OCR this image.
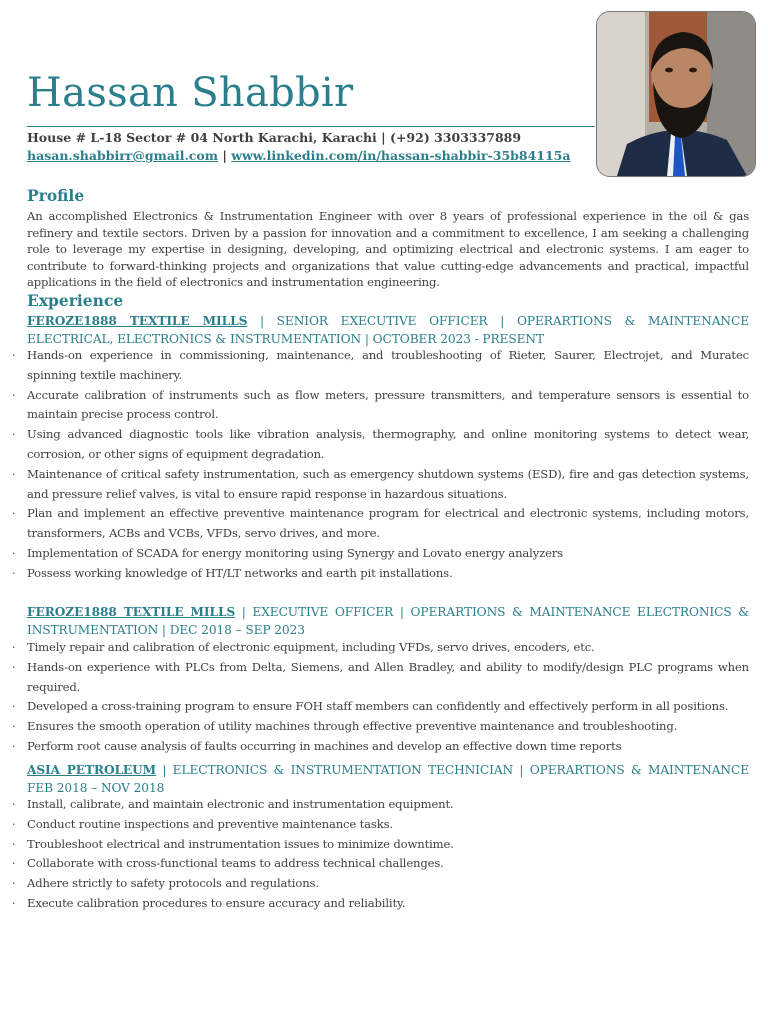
Hassan Shabbir
House # L-18 Sector # 04 North Karachi, Karachi | (+92) 3303337889
hasan.shabbirr@gmail.com | www.linkedin.com/in/hassan-shabbir-35b84115a
Profile
An accomplished Electronics & Instrumentation Engineer with over 8 years of professional experience in the oil & gas refinery and textile sectors. Driven by a passion for innovation and a commitment to excellence, I am seeking a challenging role to leverage my expertise in designing, developing, and optimizing electrical and electronic systems. I am eager to contribute to forward-thinking projects and organizations that value cutting-edge advancements and practical, impactful applications in the field of electronics and instrumentation engineering.
Experience
FEROZE1888 TEXTILE MILLS | SENIOR EXECUTIVE OFFICER | OPERARTIONS & MAINTENANCE ELECTRICAL, ELECTRONICS & INSTRUMENTATION | OCTOBER 2023 - PRESENT
· Hands-on experience in commissioning, maintenance, and troubleshooting of Rieter, Saurer, Electrojet, and Muratec spinning textile machinery.
· Accurate calibration of instruments such as flow meters, pressure transmitters, and temperature sensors is essential to maintain precise process control.
· Using advanced diagnostic tools like vibration analysis, thermography, and online monitoring systems to detect wear, corrosion, or other signs of equipment degradation.
· Maintenance of critical safety instrumentation, such as emergency shutdown systems (ESD), fire and gas detection systems, and pressure relief valves, is vital to ensure rapid response in hazardous situations.
· Plan and implement an effective preventive maintenance program for electrical and electronic systems, including motors, transformers, ACBs and VCBs, VFDs, servo drives, and more.
· Implementation of SCADA for energy monitoring using Synergy and Lovato energy analyzers
· Possess working knowledge of HT/LT networks and earth pit installations.
FEROZE1888 TEXTILE MILLS | EXECUTIVE OFFICER | OPERARTIONS & MAINTENANCE ELECTRONICS & INSTRUMENTATION | DEC 2018 – SEP 2023
· Timely repair and calibration of electronic equipment, including VFDs, servo drives, encoders, etc.
· Hands-on experience with PLCs from Delta, Siemens, and Allen Bradley, and ability to modify/design PLC programs when required.
· Developed a cross-training program to ensure FOH staff members can confidently and effectively perform in all positions.
· Ensures the smooth operation of utility machines through effective preventive maintenance and troubleshooting.
· Perform root cause analysis of faults occurring in machines and develop an effective down time reports
ASIA PETROLEUM | ELECTRONICS & INSTRUMENTATION TECHNICIAN | OPERARTIONS & MAINTENANCE FEB 2018 – NOV 2018
· Install, calibrate, and maintain electronic and instrumentation equipment.
· Conduct routine inspections and preventive maintenance tasks.
· Troubleshoot electrical and instrumentation issues to minimize downtime.
· Collaborate with cross-functional teams to address technical challenges.
· Adhere strictly to safety protocols and regulations.
· Execute calibration procedures to ensure accuracy and reliability.
